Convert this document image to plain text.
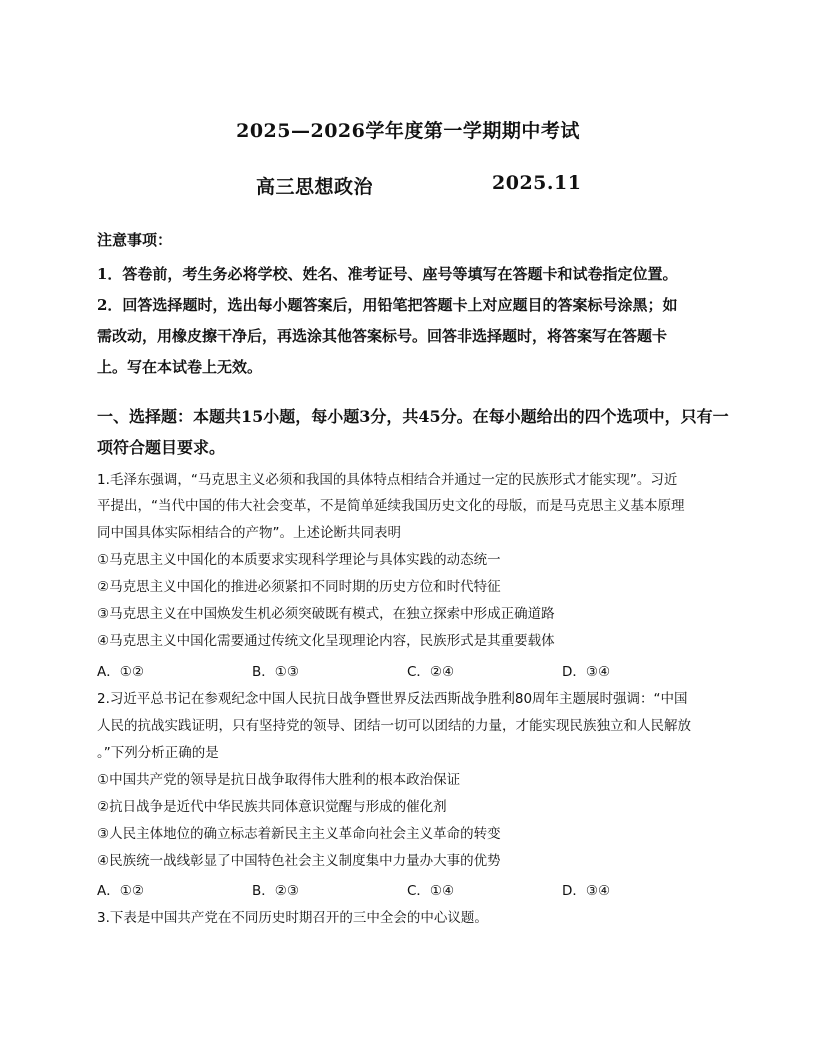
2025—2026学年度第一学期期中考试
高三思想政治	2025.11
注意事项：
1．答卷前，考生务必将学校、姓名、准考证号、座号等填写在答题卡和试卷指定位置。
2．回答选择题时，选出每小题答案后，用铅笔把答题卡上对应题目的答案标号涂黑；如
需改动，用橡皮擦干净后，再选涂其他答案标号。回答非选择题时，将答案写在答题卡
上。写在本试卷上无效。
一、选择题：本题共15小题，每小题3分，共45分。在每小题给出的四个选项中，只有一
项符合题目要求。
1.毛泽东强调，“马克思主义必须和我国的具体特点相结合并通过一定的民族形式才能实现”。习近
平提出，“当代中国的伟大社会变革，不是简单延续我国历史文化的母版，而是马克思主义基本原理
同中国具体实际相结合的产物”。上述论断共同表明
①马克思主义中国化的本质要求实现科学理论与具体实践的动态统一
②马克思主义中国化的推进必须紧扣不同时期的历史方位和时代特征
③马克思主义在中国焕发生机必须突破既有模式，在独立探索中形成正确道路
④马克思主义中国化需要通过传统文化呈现理论内容，民族形式是其重要载体
A．①②	B．①③	C．②④	D．③④
2.习近平总书记在参观纪念中国人民抗日战争暨世界反法西斯战争胜利80周年主题展时强调：“中国
人民的抗战实践证明，只有坚持党的领导、团结一切可以团结的力量，才能实现民族独立和人民解放
。”下列分析正确的是
①中国共产党的领导是抗日战争取得伟大胜利的根本政治保证
②抗日战争是近代中华民族共同体意识觉醒与形成的催化剂
③人民主体地位的确立标志着新民主主义革命向社会主义革命的转变
④民族统一战线彰显了中国特色社会主义制度集中力量办大事的优势
A．①②	B．②③	C．①④	D．③④
3.下表是中国共产党在不同历史时期召开的三中全会的中心议题。
